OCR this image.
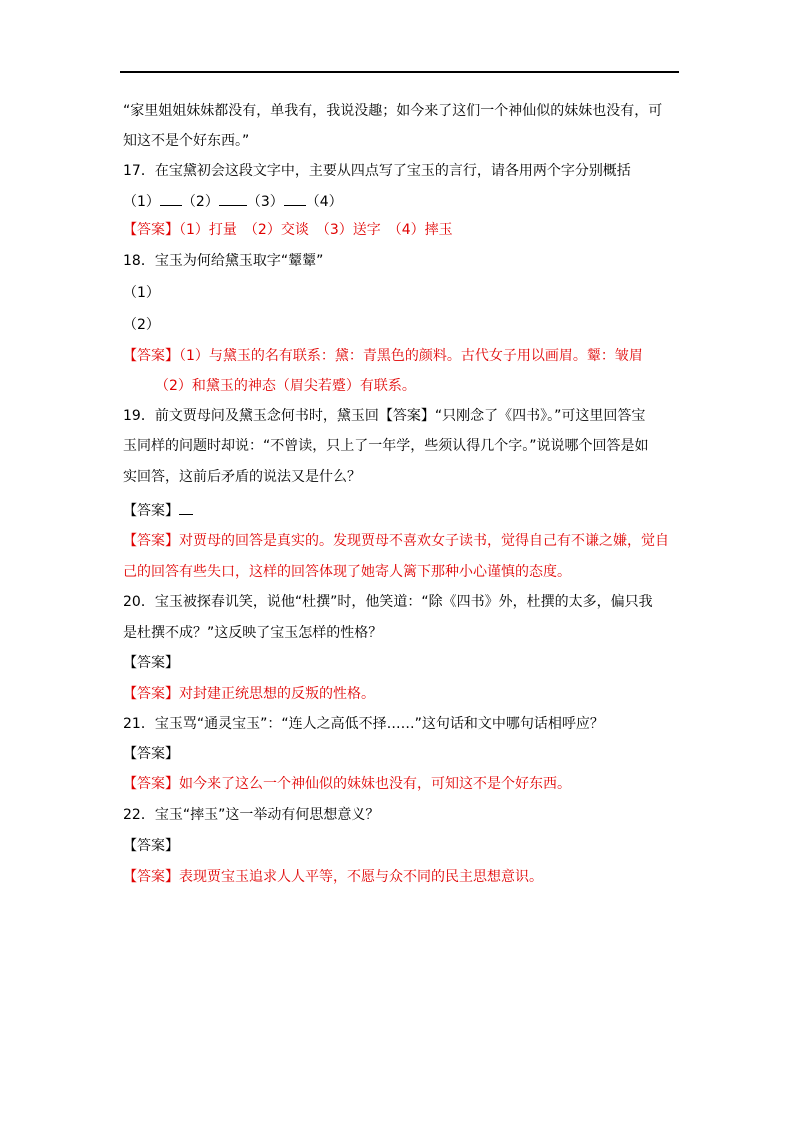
“家里姐姐妹妹都没有，单我有，我说没趣；如今来了这们一个神仙似的妹妹也没有，可
知这不是个好东西。”
17．在宝黛初会这段文字中，主要从四点写了宝玉的言行，请各用两个字分别概括
（1） （2） （3） （4）
【答案】（1）打量　（2）交谈　（3）送字　（4）摔玉
18．宝玉为何给黛玉取字“颦颦”
（1）
（2）
【答案】（1）与黛玉的名有联系：黛：青黑色的颜料。古代女子用以画眉。颦：皱眉
（2）和黛玉的神态（眉尖若蹙）有联系。
19．前文贾母问及黛玉念何书时，黛玉回【答案】“只刚念了《四书》。”可这里回答宝
玉同样的问题时却说：“不曾读，只上了一年学，些须认得几个字。”说说哪个回答是如
实回答，这前后矛盾的说法又是什么？
【答案】
【答案】对贾母的回答是真实的。发现贾母不喜欢女子读书，觉得自己有不谦之嫌，觉自
己的回答有些失口，这样的回答体现了她寄人篱下那种小心谨慎的态度。
20．宝玉被探春讥笑，说他“杜撰”时，他笑道：“除《四书》外，杜撰的太多，偏只我
是杜撰不成？”这反映了宝玉怎样的性格？
【答案】
【答案】对封建正统思想的反叛的性格。
21．宝玉骂“通灵宝玉”：“连人之高低不择……”这句话和文中哪句话相呼应？
【答案】
【答案】如今来了这么一个神仙似的妹妹也没有，可知这不是个好东西。
22．宝玉“摔玉”这一举动有何思想意义？
【答案】
【答案】表现贾宝玉追求人人平等，不愿与众不同的民主思想意识。
